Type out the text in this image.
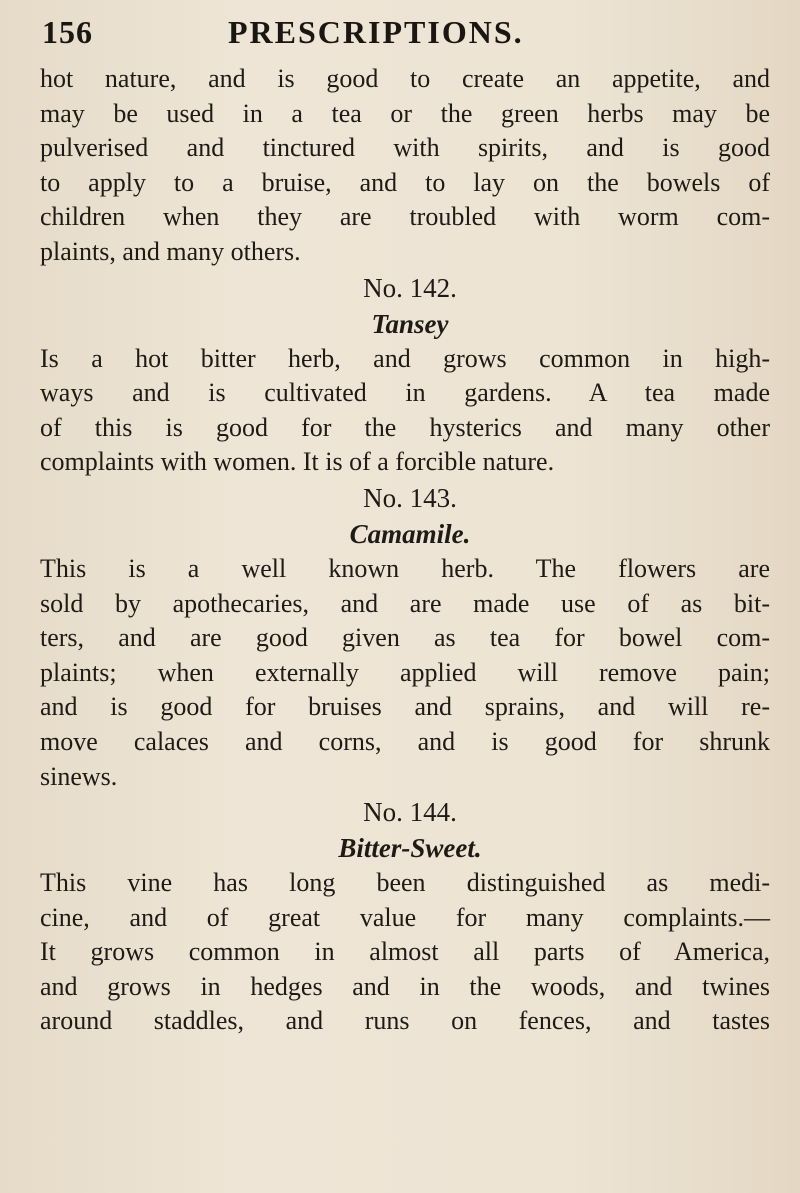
156	PRESCRIPTIONS.
hot nature, and is good to create an appetite, and
may be used in a tea or the green herbs may be
pulverised and tinctured with spirits, and is good
to apply to a bruise, and to lay on the bowels of
children when they are troubled with worm com-
plaints, and many others.
No. 142.
Tansey
Is a hot bitter herb, and grows common in high-
ways and is cultivated in gardens. A tea made
of this is good for the hysterics and many other
complaints with women. It is of a forcible nature.
No. 143.
Camamile.
This is a well known herb. The flowers are
sold by apothecaries, and are made use of as bit-
ters, and are good given as tea for bowel com-
plaints; when externally applied will remove pain;
and is good for bruises and sprains, and will re-
move calaces and corns, and is good for shrunk
sinews.
No. 144.
Bitter-Sweet.
This vine has long been distinguished as medi-
cine, and of great value for many complaints.—
It grows common in almost all parts of America,
and grows in hedges and in the woods, and twines
around staddles, and runs on fences, and tastes
